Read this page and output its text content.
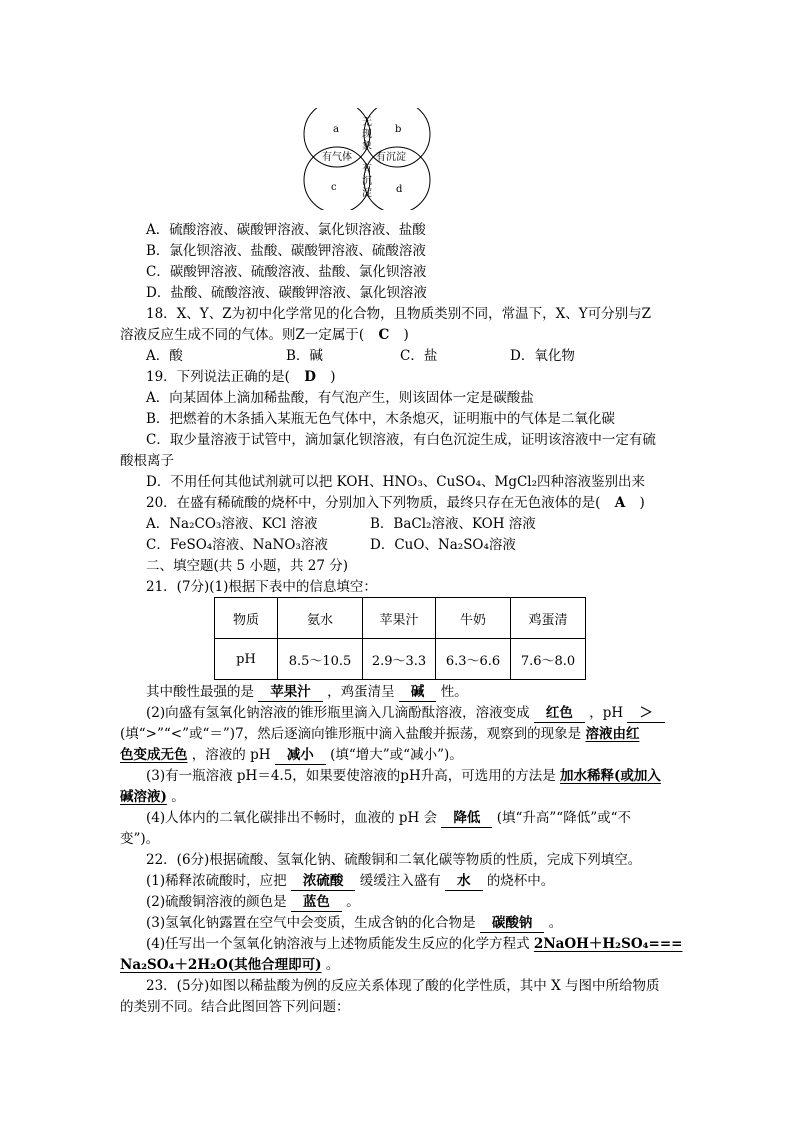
a	b
c	d
无
现
象
有气体 有沉淀
有
沉
淀
A．硫酸溶液、碳酸钾溶液、氯化钡溶液、盐酸
B．氯化钡溶液、盐酸、碳酸钾溶液、硫酸溶液
C．碳酸钾溶液、硫酸溶液、盐酸、氯化钡溶液
D．盐酸、硫酸溶液、碳酸钾溶液、氯化钡溶液
18．X、Y、Z为初中化学常见的化合物，且物质类别不同，常温下，X、Y可分别与Z
溶液反应生成不同的气体。则Z一定属于( C )
A．酸	B．碱	C．盐	D．氧化物
19．下列说法正确的是( D )
A．向某固体上滴加稀盐酸，有气泡产生，则该固体一定是碳酸盐
B．把燃着的木条插入某瓶无色气体中，木条熄灭，证明瓶中的气体是二氧化碳
C．取少量溶液于试管中，滴加氯化钡溶液，有白色沉淀生成，证明该溶液中一定有硫
酸根离子
D．不用任何其他试剂就可以把 KOH、HNO₃、CuSO₄、MgCl₂四种溶液鉴别出来
20．在盛有稀硫酸的烧杯中，分别加入下列物质，最终只存在无色液体的是( A )
A．Na₂CO₃溶液、KCl 溶液	B．BaCl₂溶液、KOH 溶液
C．FeSO₄溶液、NaNO₃溶液	D．CuO、Na₂SO₄溶液
二、填空题(共 5 小题，共 27 分)
21．(7分)(1)根据下表中的信息填空：
物质	氨水	苹果汁	牛奶	鸡蛋清
pH	8.5～10.5	2.9～3.3	6.3～6.6	7.6～8.0
其中酸性最强的是 苹果汁 ，鸡蛋清呈 碱 性。
(2)向盛有氢氧化钠溶液的锥形瓶里滴入几滴酚酞溶液，溶液变成 红色 ，pH ＞
(填“>”“<”或“＝”)7，然后逐滴向锥形瓶中滴入盐酸并振荡，观察到的现象是 溶液由红
色变成无色 ，溶液的 pH 减小 (填“增大”或“减小”)。
(3)有一瓶溶液 pH＝4.5，如果要使溶液的pH升高，可选用的方法是 加水稀释(或加入
碱溶液) 。
(4)人体内的二氧化碳排出不畅时，血液的 pH 会 降低 (填“升高”“降低”或“不
变”)。
22．(6分)根据硫酸、氢氧化钠、硫酸铜和二氧化碳等物质的性质，完成下列填空。
(1)稀释浓硫酸时，应把 浓硫酸 缓缓注入盛有 水 的烧杯中。
(2)硫酸铜溶液的颜色是 蓝色 。
(3)氢氧化钠露置在空气中会变质，生成含钠的化合物是 碳酸钠 。
(4)任写出一个氢氧化钠溶液与上述物质能发生反应的化学方程式 2NaOH＋H₂SO₄===
Na₂SO₄＋2H₂O(其他合理即可) 。
23．(5分)如图以稀盐酸为例的反应关系体现了酸的化学性质，其中 X 与图中所给物质
的类别不同。结合此图回答下列问题：
